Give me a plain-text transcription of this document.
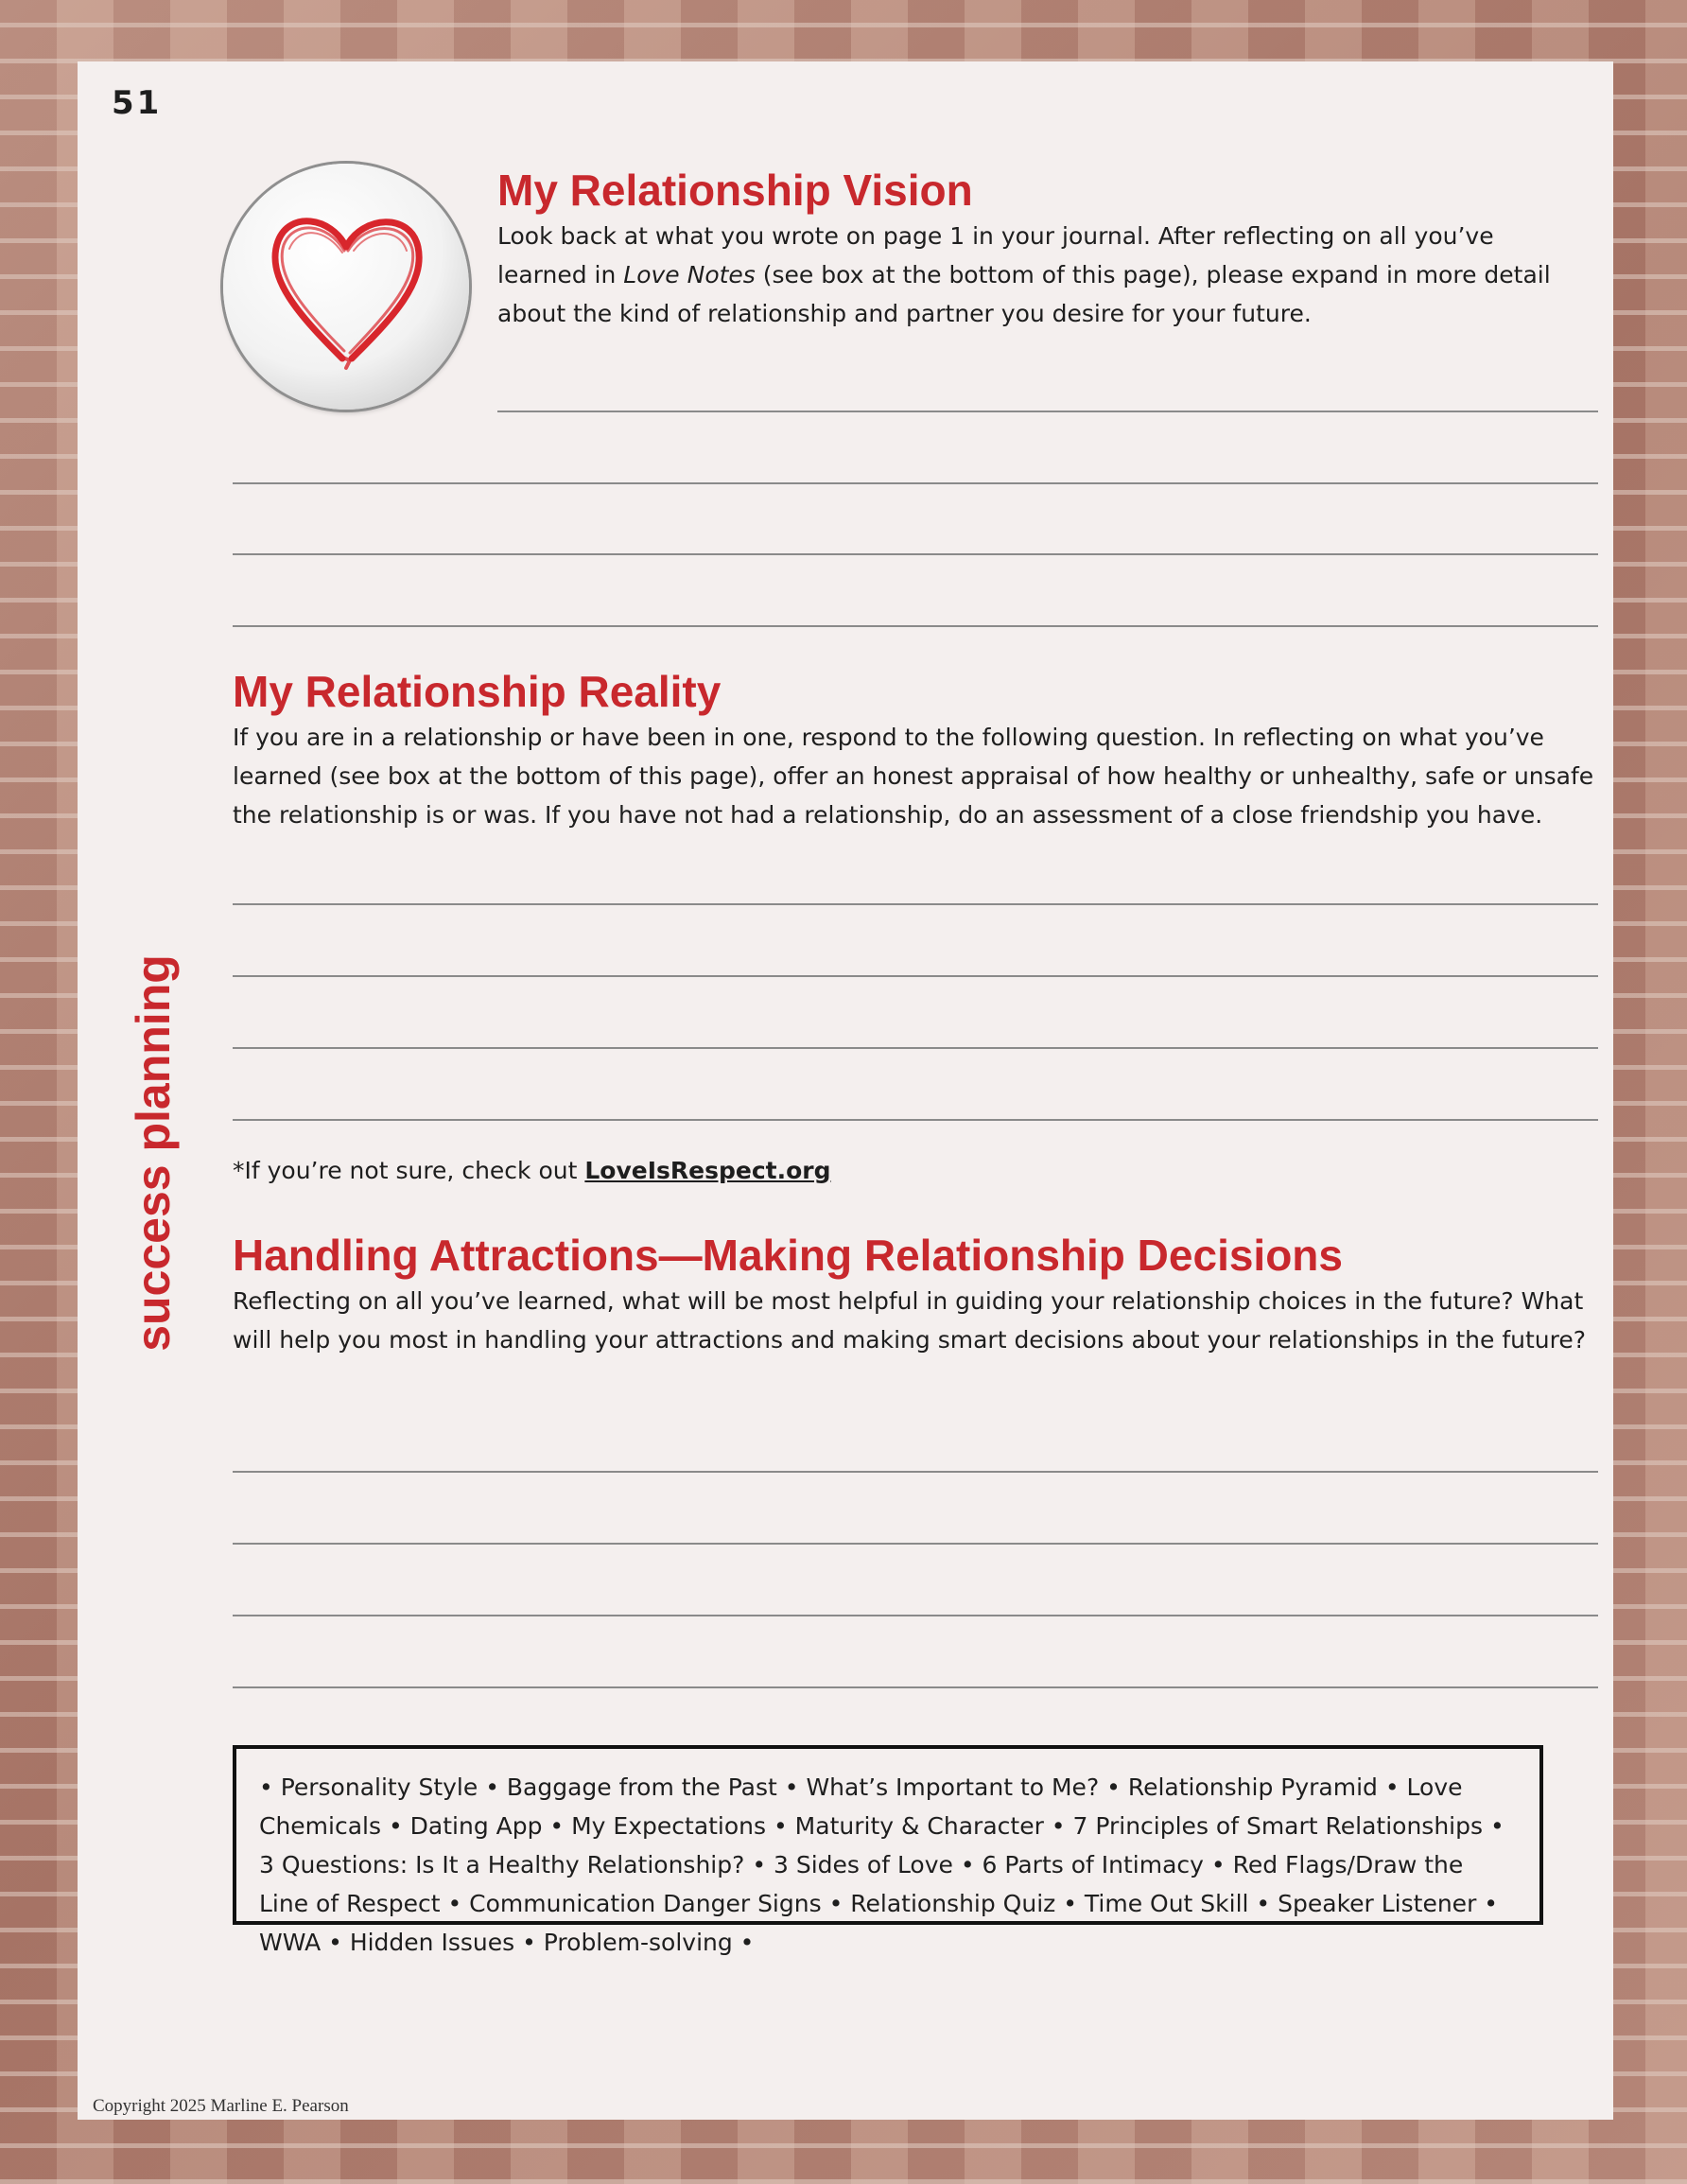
51
success planning
My Relationship Vision

Look back at what you wrote on page 1 in your journal. After reflecting on all you’ve
learned in Love Notes (see box at the bottom of this page), please expand in more detail
about the kind of relationship and partner you desire for your future.

My Relationship Reality

If you are in a relationship or have been in one, respond to the following question. In reflecting on what you’ve learned (see box at the bottom of this page), offer an honest appraisal of how healthy or unhealthy, safe or unsafe the relationship is or was. If you have not had a relationship, do an assessment of a close friendship you have.

*If you’re not sure, check out LoveIsRespect.org
Handling Attractions—Making Relationship Decisions

Reflecting on all you’ve learned, what will be most helpful in guiding your relationship choices in the future? What will help you most in handling your attractions and making smart decisions about your relationships in the future?

• Personality Style • Baggage from the Past • What’s Important to Me? • Relationship Pyramid • Love Chemicals • Dating App • My Expectations • Maturity & Character • 7 Principles of Smart Relationships • 3 Questions: Is It a Healthy Relationship? • 3 Sides of Love • 6 Parts of Intimacy • Red Flags/Draw the Line of Respect • Communication Danger Signs • Relationship Quiz • Time Out Skill • Speaker Listener • WWA • Hidden Issues • Problem-solving •

Copyright 2025 Marline E. Pearson
